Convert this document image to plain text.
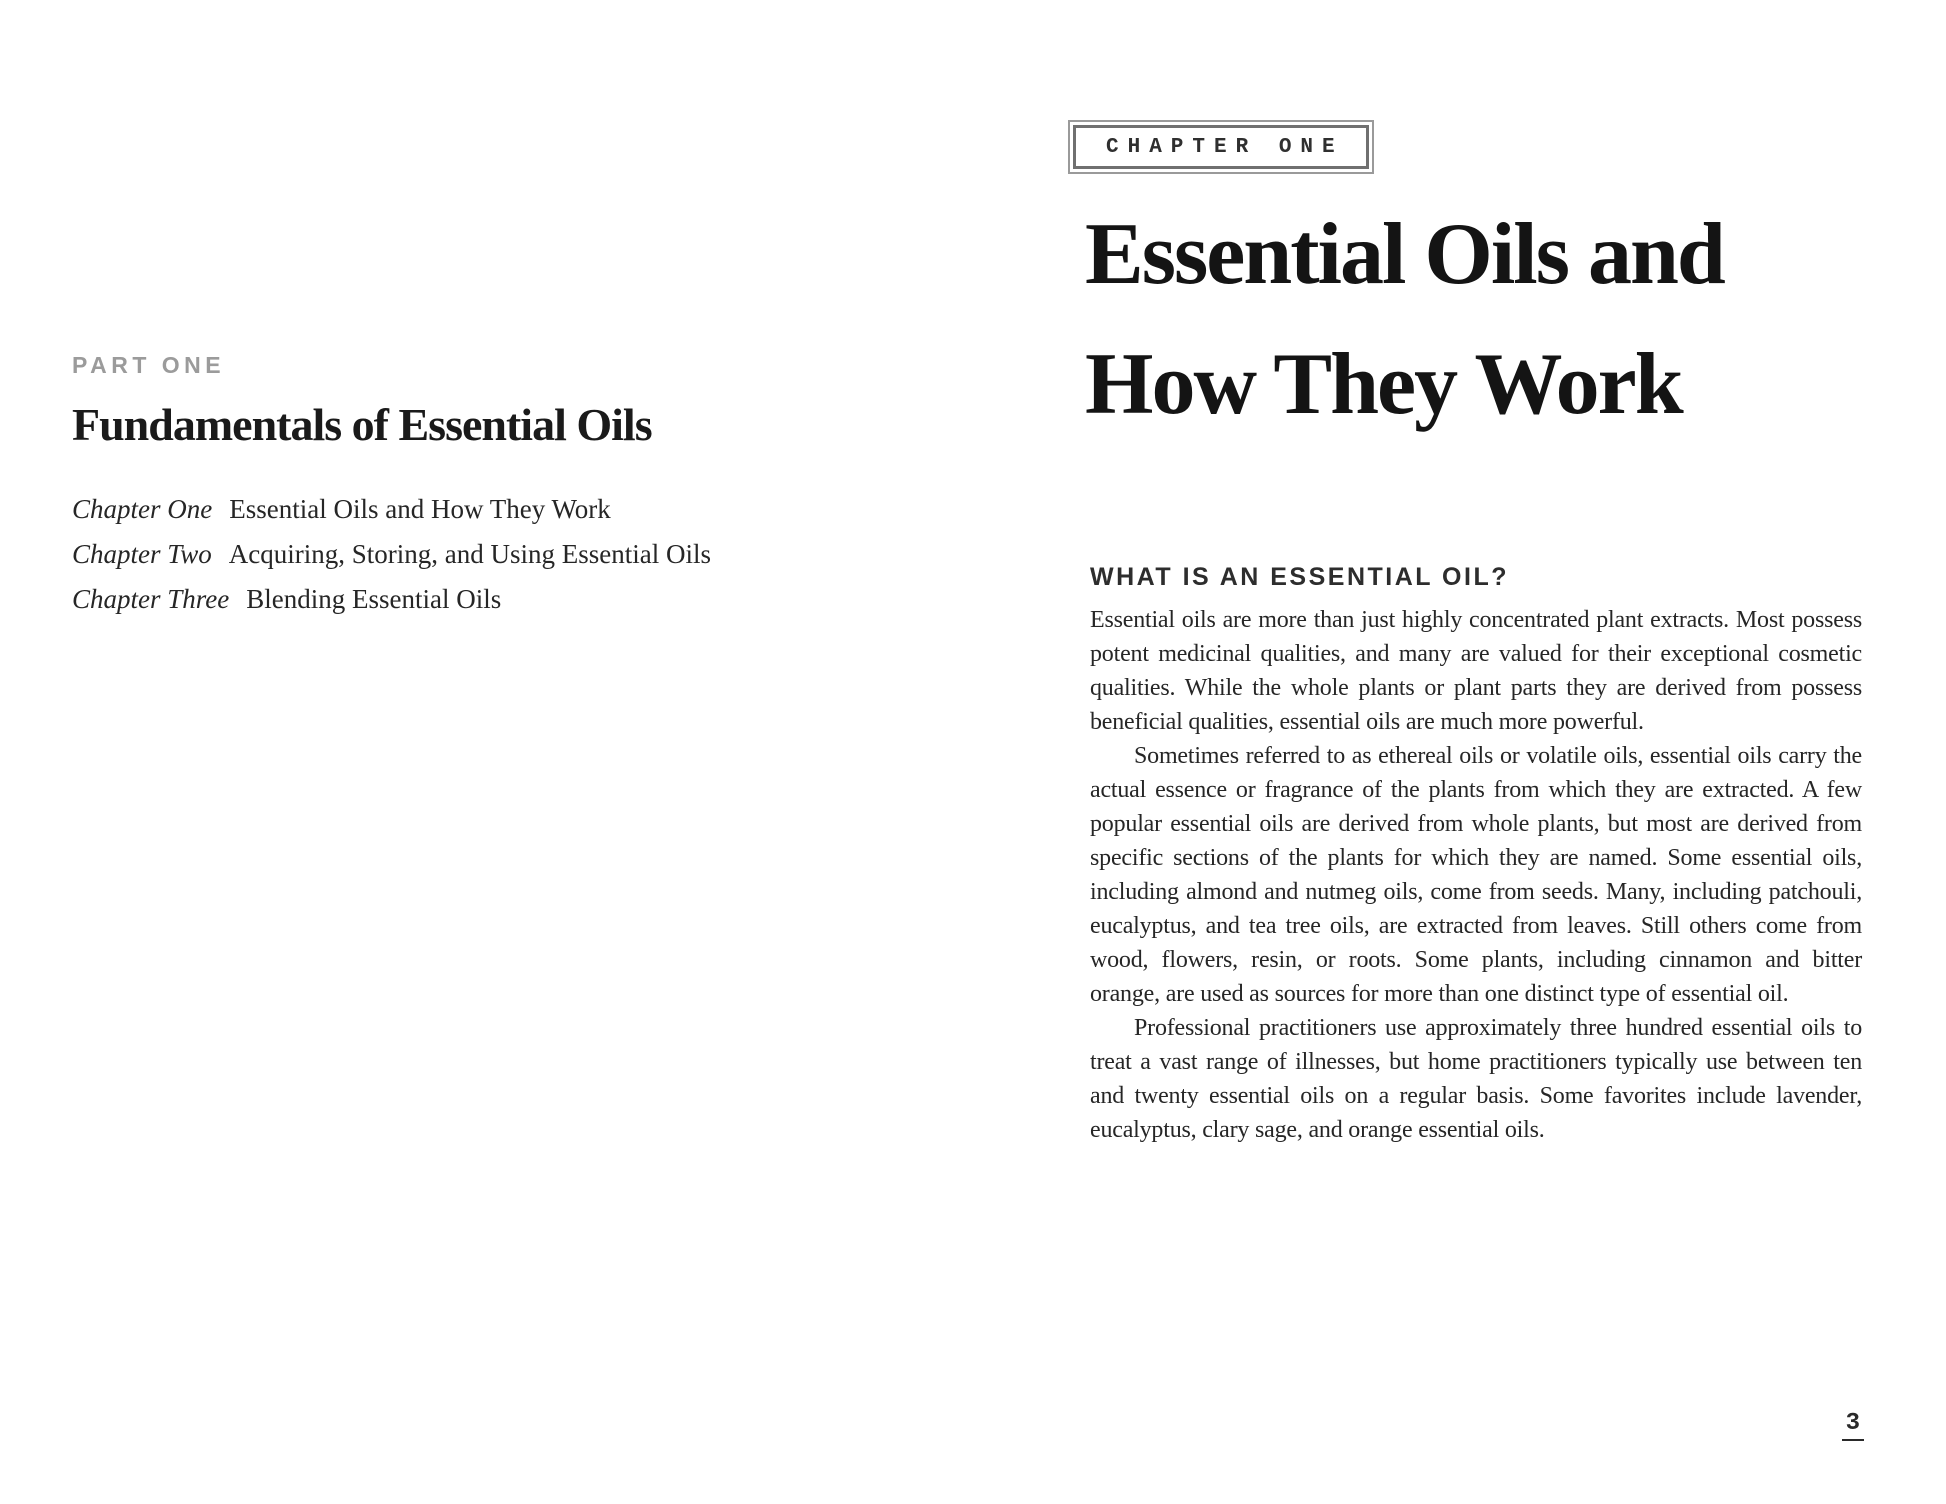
PART ONE
Fundamentals of Essential Oils
Chapter One Essential Oils and How They Work
Chapter Two Acquiring, Storing, and Using Essential Oils
Chapter Three Blending Essential Oils
CHAPTER ONE
Essential Oils and
How They Work
WHAT IS AN ESSENTIAL OIL?

Essential oils are more than just highly concentrated plant extracts. Most possess potent medicinal qualities, and many are valued for their exceptional cosmetic qualities. While the whole plants or plant parts they are derived from possess beneficial qualities, essential oils are much more powerful.

Sometimes referred to as ethereal oils or volatile oils, essential oils carry the actual essence or fragrance of the plants from which they are extracted. A few popular essential oils are derived from whole plants, but most are derived from specific sections of the plants for which they are named. Some essential oils, including almond and nutmeg oils, come from seeds. Many, including patchouli, eucalyptus, and tea tree oils, are extracted from leaves. Still others come from wood, flowers, resin, or roots. Some plants, including cinnamon and bitter orange, are used as sources for more than one distinct type of essential oil.

Professional practitioners use approximately three hundred essential oils to treat a vast range of illnesses, but home practitioners typically use between ten and twenty essential oils on a regular basis. Some favorites include lavender, eucalyptus, clary sage, and orange essential oils.

3
